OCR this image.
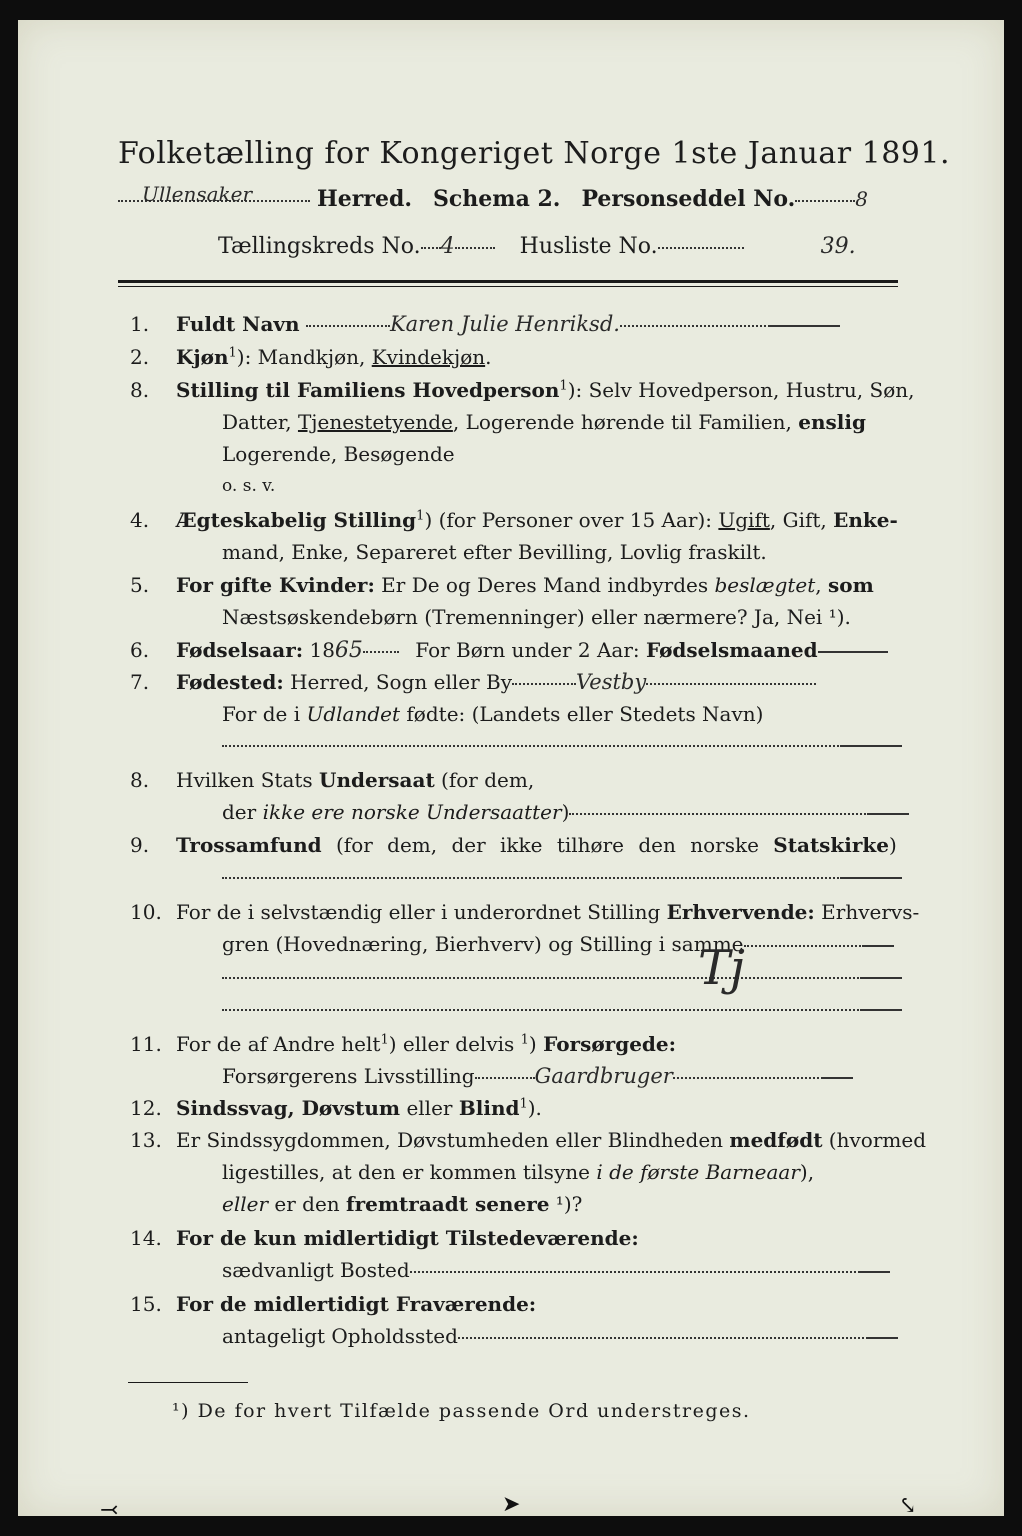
Folketælling for Kongeriget Norge 1ste Januar 1891.
Ullensaker	Herred. Schema 2. Personseddel No.	8
Tællingskreds No. 4	Husliste No.	39.
1. Fuldt Navn	Karen Julie Henriksd.
2. Kjøn$^1$): Mandkjøn, Kvindekjøn.
8. Stilling til Familiens Hovedperson$^1$): Selv Hovedperson, Hustru, Søn,
Datter, Tjenestetyende, Logerende hørende til Familien, enslig
Logerende, Besøgende
o. s. v.
4. Ægteskabelig Stilling$^1$) (for Personer over 15 Aar): Ugift, Gift, Enke-
mand, Enke, Separeret efter Bevilling, Lovlig fraskilt.
5. For gifte Kvinder: Er De og Deres Mand indbyrdes beslægtet, som
Næstsøskendebørn (Tremenninger) eller nærmere? Ja, Nei ¹).
6. Fødselsaar: 1865	For Børn under 2 Aar: Fødselsmaaned
7. Fødested: Herred, Sogn eller By	Vestby
For de i Udlandet fødte: (Landets eller Stedets Navn)
8. Hvilken Stats Undersaat (for dem,
der ikke ere norske Undersaatter)
9. Trossamfund (for dem, der ikke tilhøre den norske Statskirke)
10. For de i selvstændig eller i underordnet Stilling Erhvervende: Erhvervs-
gren (Hovednæring, Bierhverv) og Stilling i samme
Tj
11. For de af Andre helt$^1$) eller delvis $^1$) Forsørgede:
Forsørgerens Livsstilling	Gaardbruger
12. Sindssvag, Døvstum eller Blind$^1$).
13. Er Sindssygdommen, Døvstumheden eller Blindheden medfødt (hvormed
ligestilles, at den er kommen tilsyne i de første Barneaar),
eller er den fremtraadt senere ¹)?
14. For de kun midlertidigt Tilstedeværende:
sædvanligt Bosted
15. For de midlertidigt Fraværende:
antageligt Opholdssted
¹) De for hvert Tilfælde passende Ord understreges.
⤙	➤	⤥
